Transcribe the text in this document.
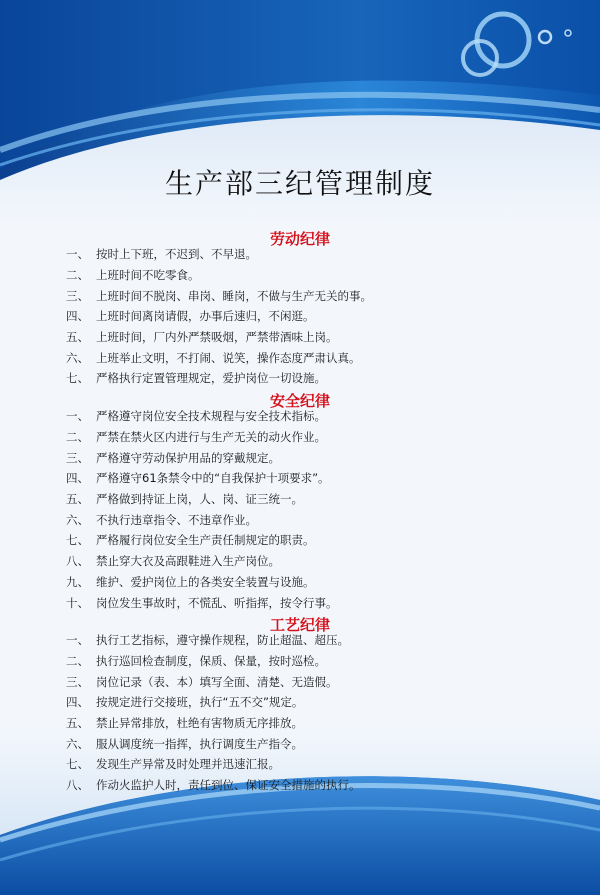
生产部三纪管理制度
劳动纪律
一、 按时上下班，不迟到、不早退。
二、 上班时间不吃零食。
三、 上班时间不脱岗、串岗、睡岗，不做与生产无关的事。
四、 上班时间离岗请假，办事后速归，不闲逛。
五、 上班时间，厂内外严禁吸烟，严禁带酒味上岗。
六、 上班举止文明，不打闹、说笑，操作态度严肃认真。
七、 严格执行定置管理规定，爱护岗位一切设施。
安全纪律
一、 严格遵守岗位安全技术规程与安全技术指标。
二、 严禁在禁火区内进行与生产无关的动火作业。
三、 严格遵守劳动保护用品的穿戴规定。
四、 严格遵守61条禁令中的“自我保护十项要求”。
五、 严格做到持证上岗，人、岗、证三统一。
六、 不执行违章指令、不违章作业。
七、 严格履行岗位安全生产责任制规定的职责。
八、 禁止穿大衣及高跟鞋进入生产岗位。
九、 维护、爱护岗位上的各类安全装置与设施。
十、 岗位发生事故时，不慌乱、听指挥，按令行事。
工艺纪律
一、 执行工艺指标，遵守操作规程，防止超温、超压。
二、 执行巡回检查制度，保质、保量，按时巡检。
三、 岗位记录（表、本）填写全面、清楚、无造假。
四、 按规定进行交接班，执行“五不交”规定。
五、 禁止异常排放，杜绝有害物质无序排放。
六、 服从调度统一指挥，执行调度生产指令。
七、 发现生产异常及时处理并迅速汇报。
八、 作动火监护人时，责任到位、保证安全措施的执行。
